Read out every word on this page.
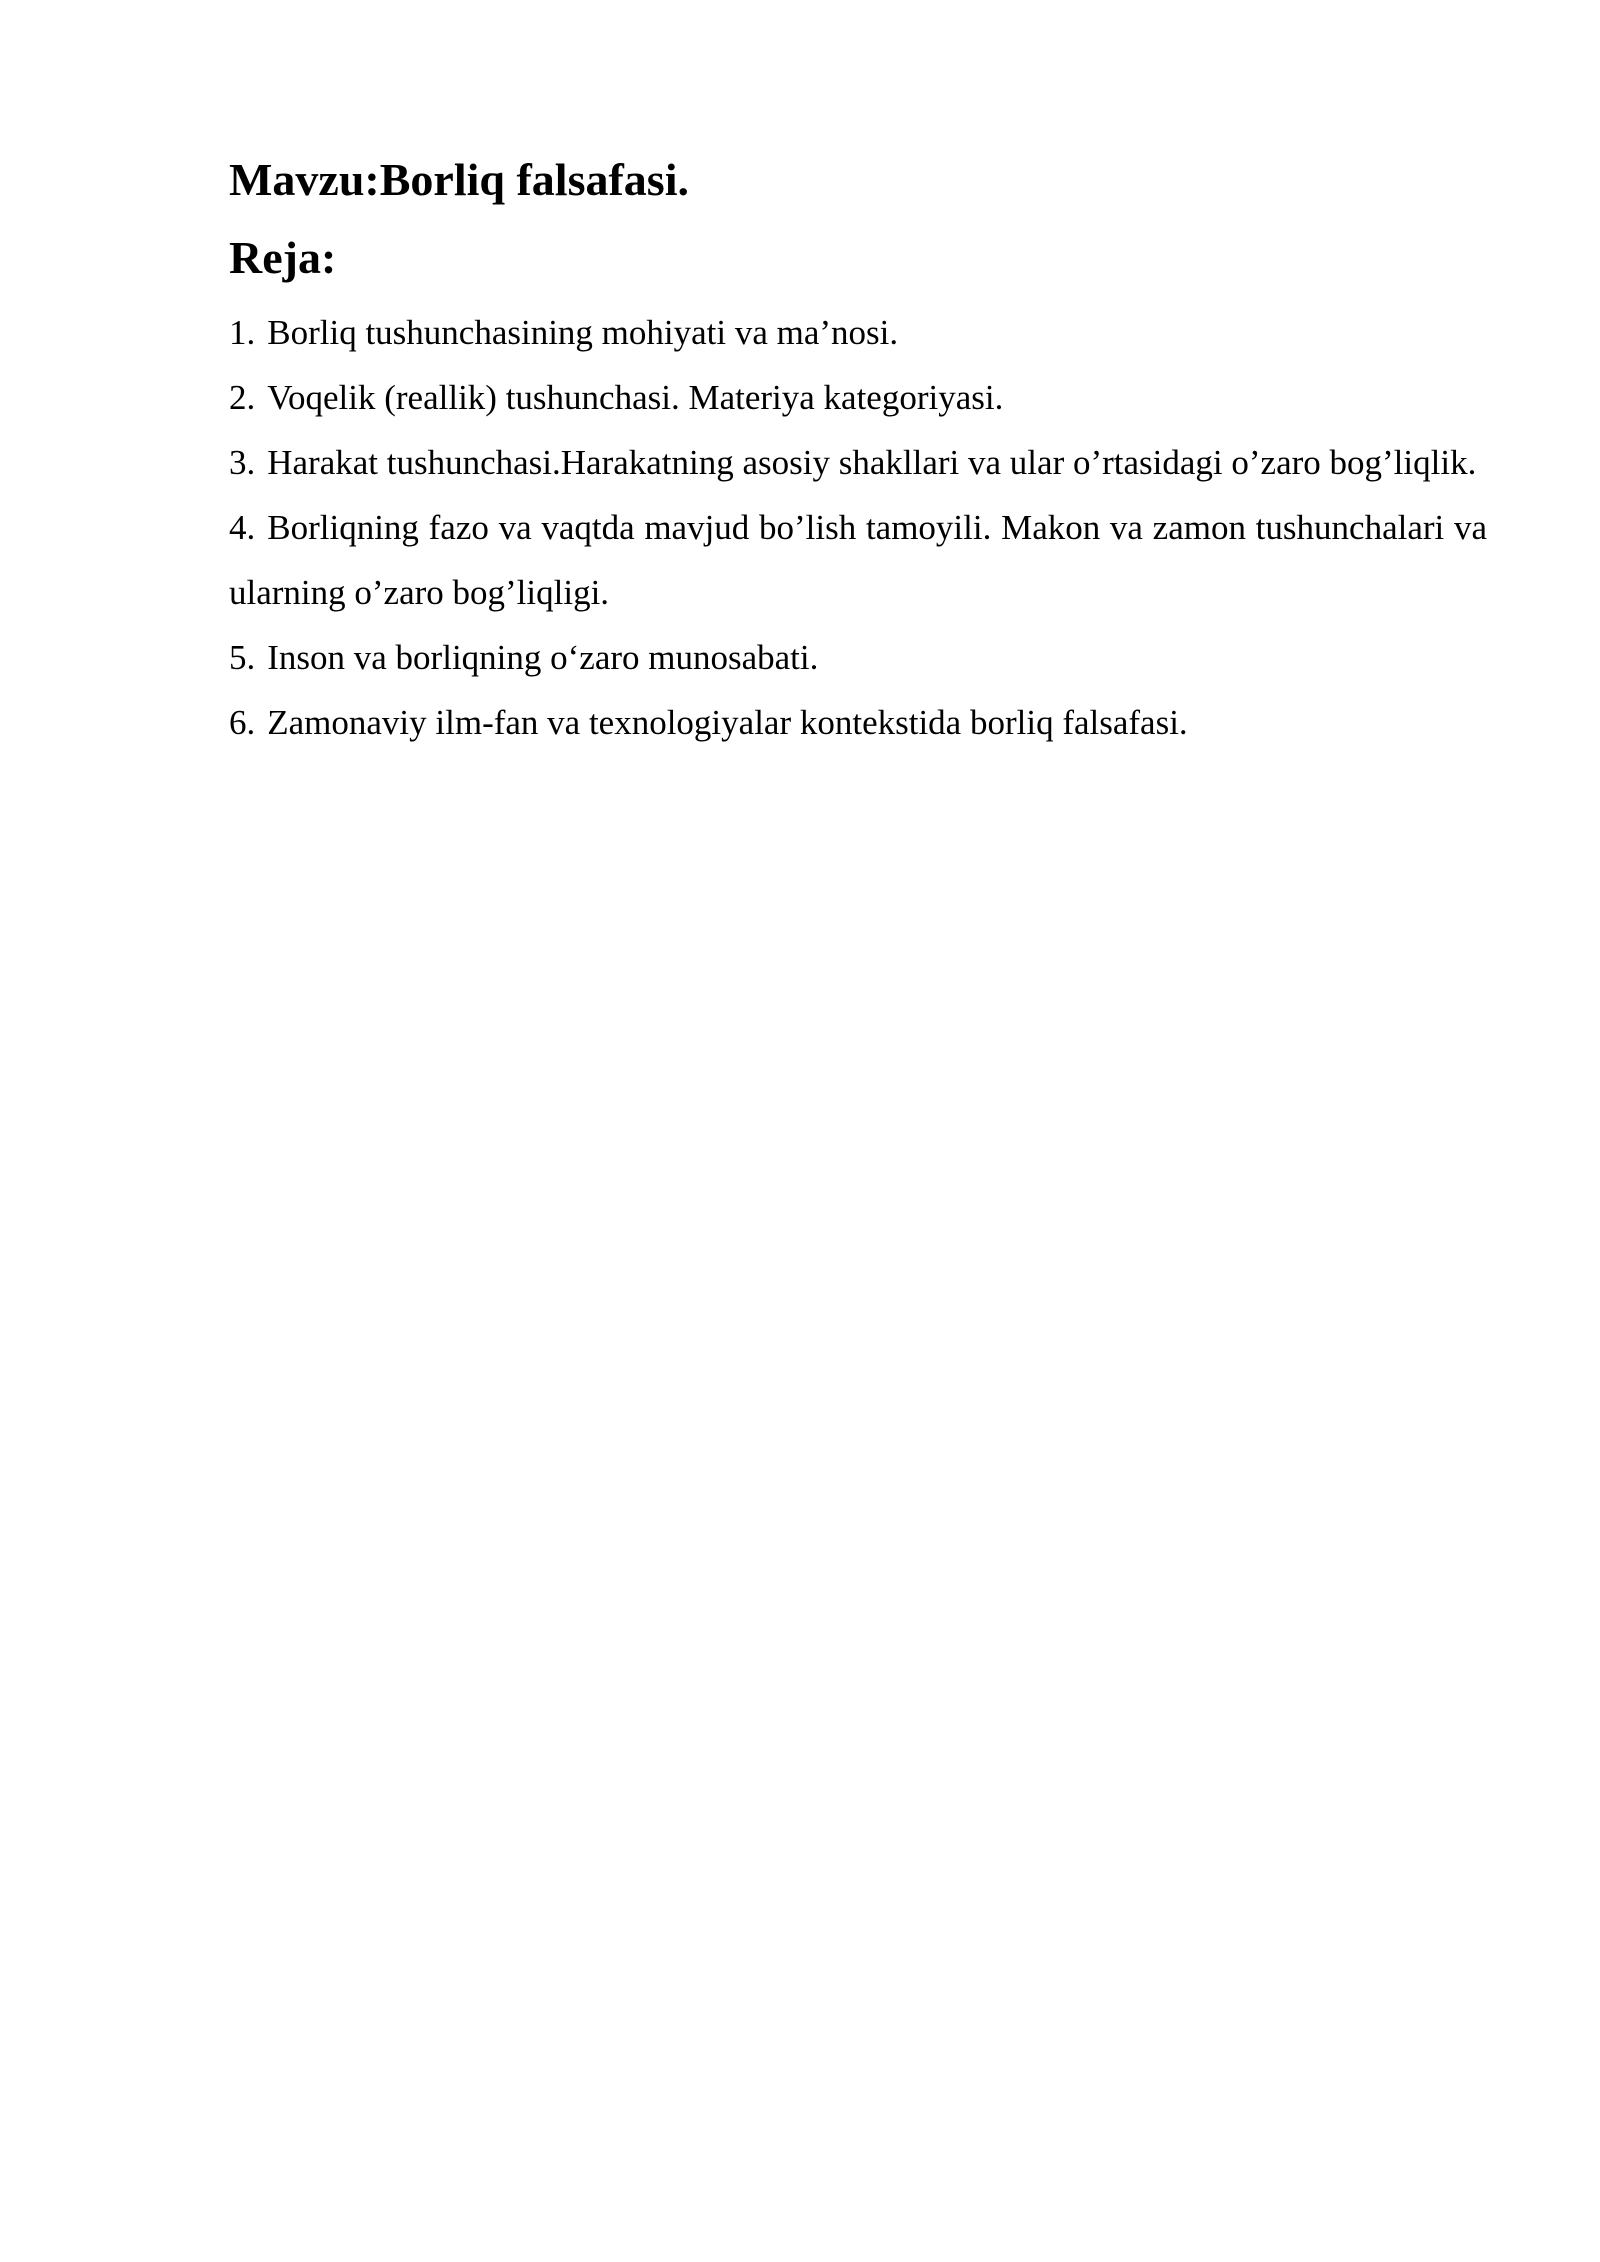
Mavzu:Borliq falsafasi.
Reja:
1. Borliq tushunchasining mohiyati va ma’nosi.
2. Voqelik (reallik) tushunchasi. Materiya kategoriyasi.
3. Harakat tushunchasi.Harakatning asosiy shakllari va ular o’rtasidagi o’zaro bog’liqlik.
4. Borliqning fazo va vaqtda mavjud bo’lish tamoyili. Makon va zamon tushunchalari va ularning o’zaro bog’liqligi.
5. Inson va borliqning o‘zaro munosabati.
6. Zamonaviy ilm-fan va texnologiyalar kontekstida borliq falsafasi.
